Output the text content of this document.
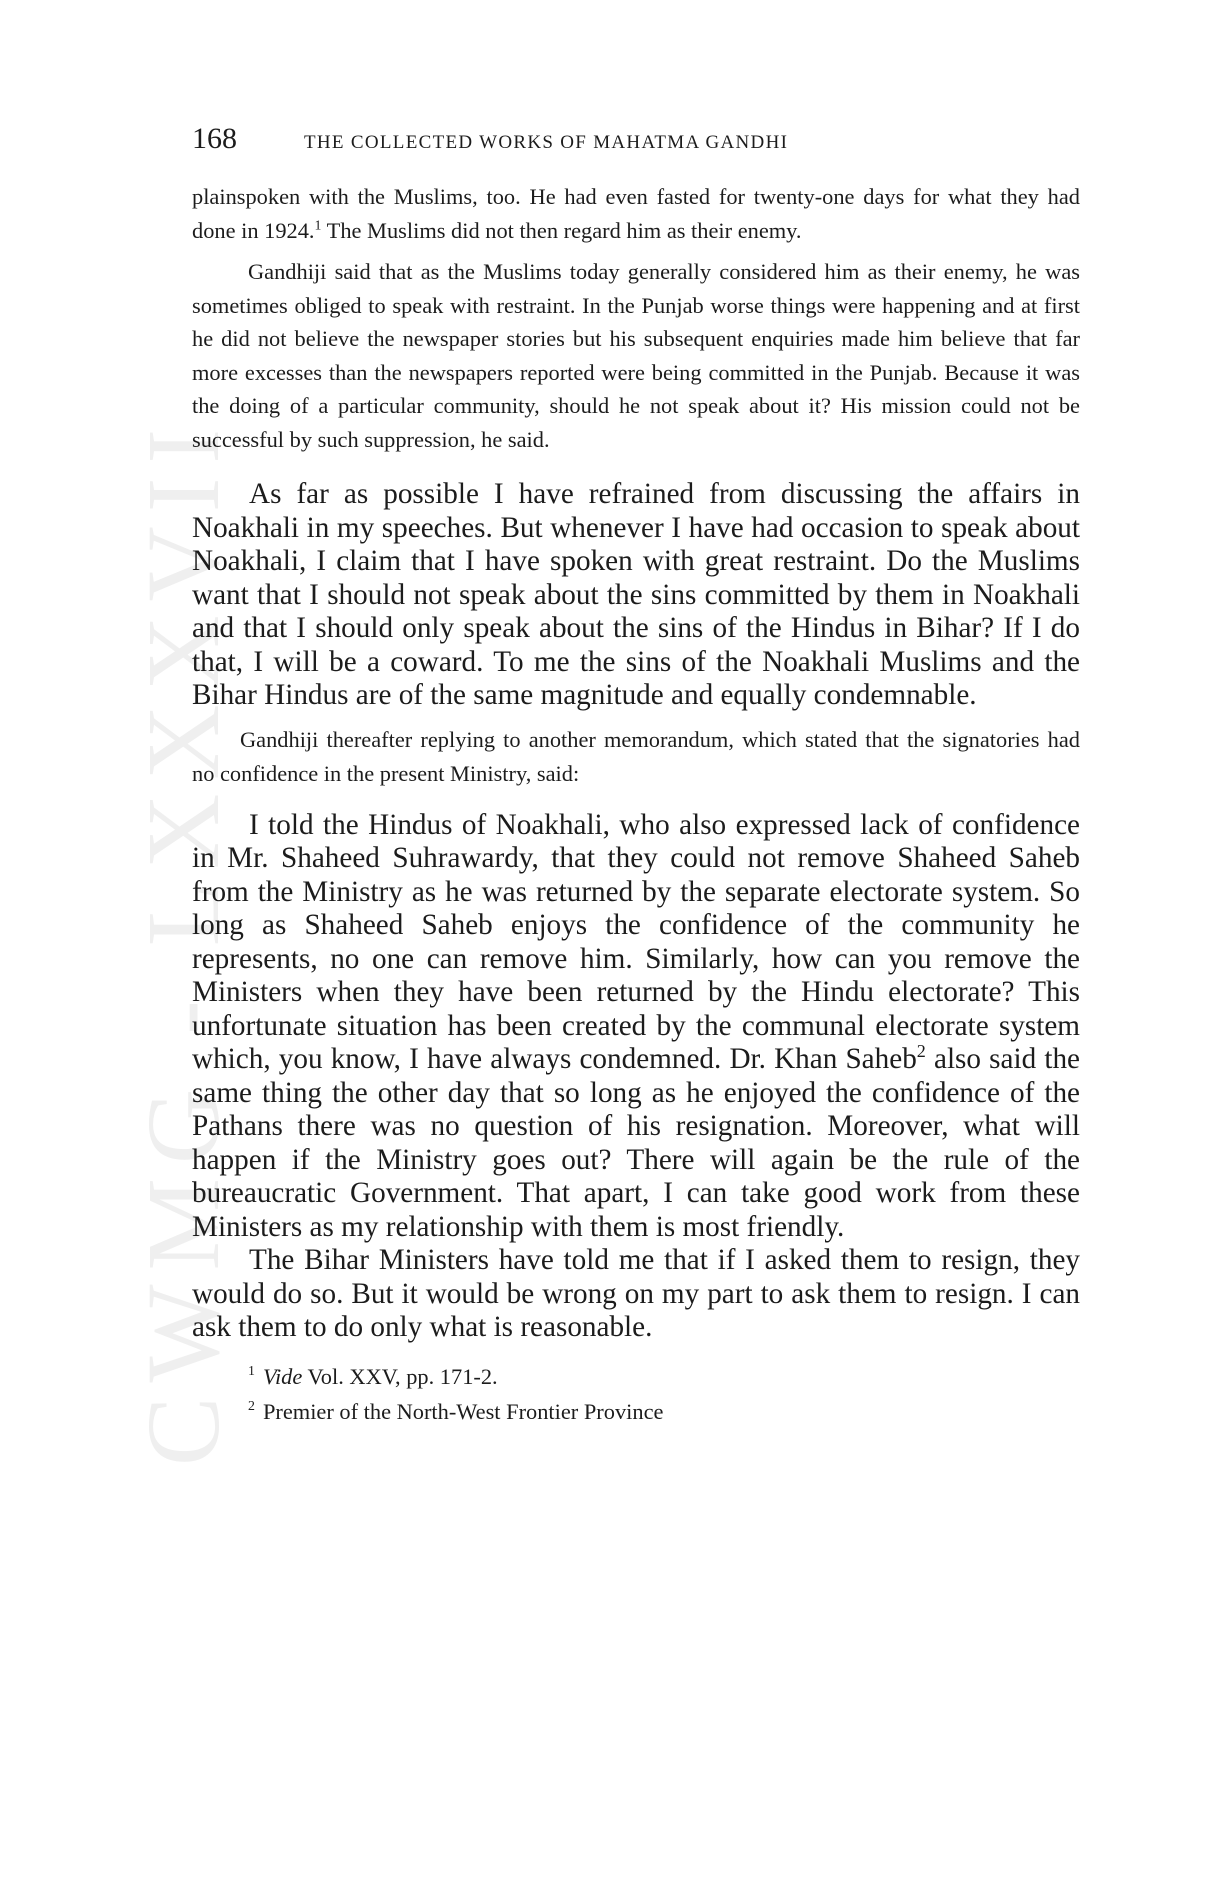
CWMG - LXXXVII
168	THE COLLECTED WORKS OF MAHATMA GANDHI

plainspoken with the Muslims, too. He had even fasted for twenty-one days for what they had done in 1924.$^1$ The Muslims did not then regard him as their enemy.

Gandhiji said that as the Muslims today generally considered him as their enemy, he was sometimes obliged to speak with restraint. In the Punjab worse things were happening and at first he did not believe the newspaper stories but his subsequent enquiries made him believe that far more excesses than the newspapers reported were being committed in the Punjab. Because it was the doing of a particular community, should he not speak about it? His mission could not be successful by such suppression, he said.

As far as possible I have refrained from discussing the affairs in Noakhali in my speeches. But whenever I have had occasion to speak about Noakhali, I claim that I have spoken with great restraint. Do the Muslims want that I should not speak about the sins committed by them in Noakhali and that I should only speak about the sins of the Hindus in Bihar? If I do that, I will be a coward. To me the sins of the Noakhali Muslims and the Bihar Hindus are of the same magnitude and equally condemnable.

Gandhiji thereafter replying to another memorandum, which stated that the signatories had no confidence in the present Ministry, said:

I told the Hindus of Noakhali, who also expressed lack of confidence in Mr. Shaheed Suhrawardy, that they could not remove Shaheed Saheb from the Ministry as he was returned by the separate electorate system. So long as Shaheed Saheb enjoys the confidence of the community he represents, no one can remove him. Similarly, how can you remove the Ministers when they have been returned by the Hindu electorate? This unfortunate situation has been created by the communal electorate system which, you know, I have always condemned. Dr. Khan Saheb$^2$ also said the same thing the other day that so long as he enjoyed the confidence of the Pathans there was no question of his resignation. Moreover, what will happen if the Ministry goes out? There will again be the rule of the bureaucratic Government. That apart, I can take good work from these Ministers as my relationship with them is most friendly.

The Bihar Ministers have told me that if I asked them to resign, they would do so. But it would be wrong on my part to ask them to resign. I can ask them to do only what is reasonable.

$^1$ Vide Vol. XXV, pp. 171-2.
$^2$ Premier of the North-West Frontier Province
